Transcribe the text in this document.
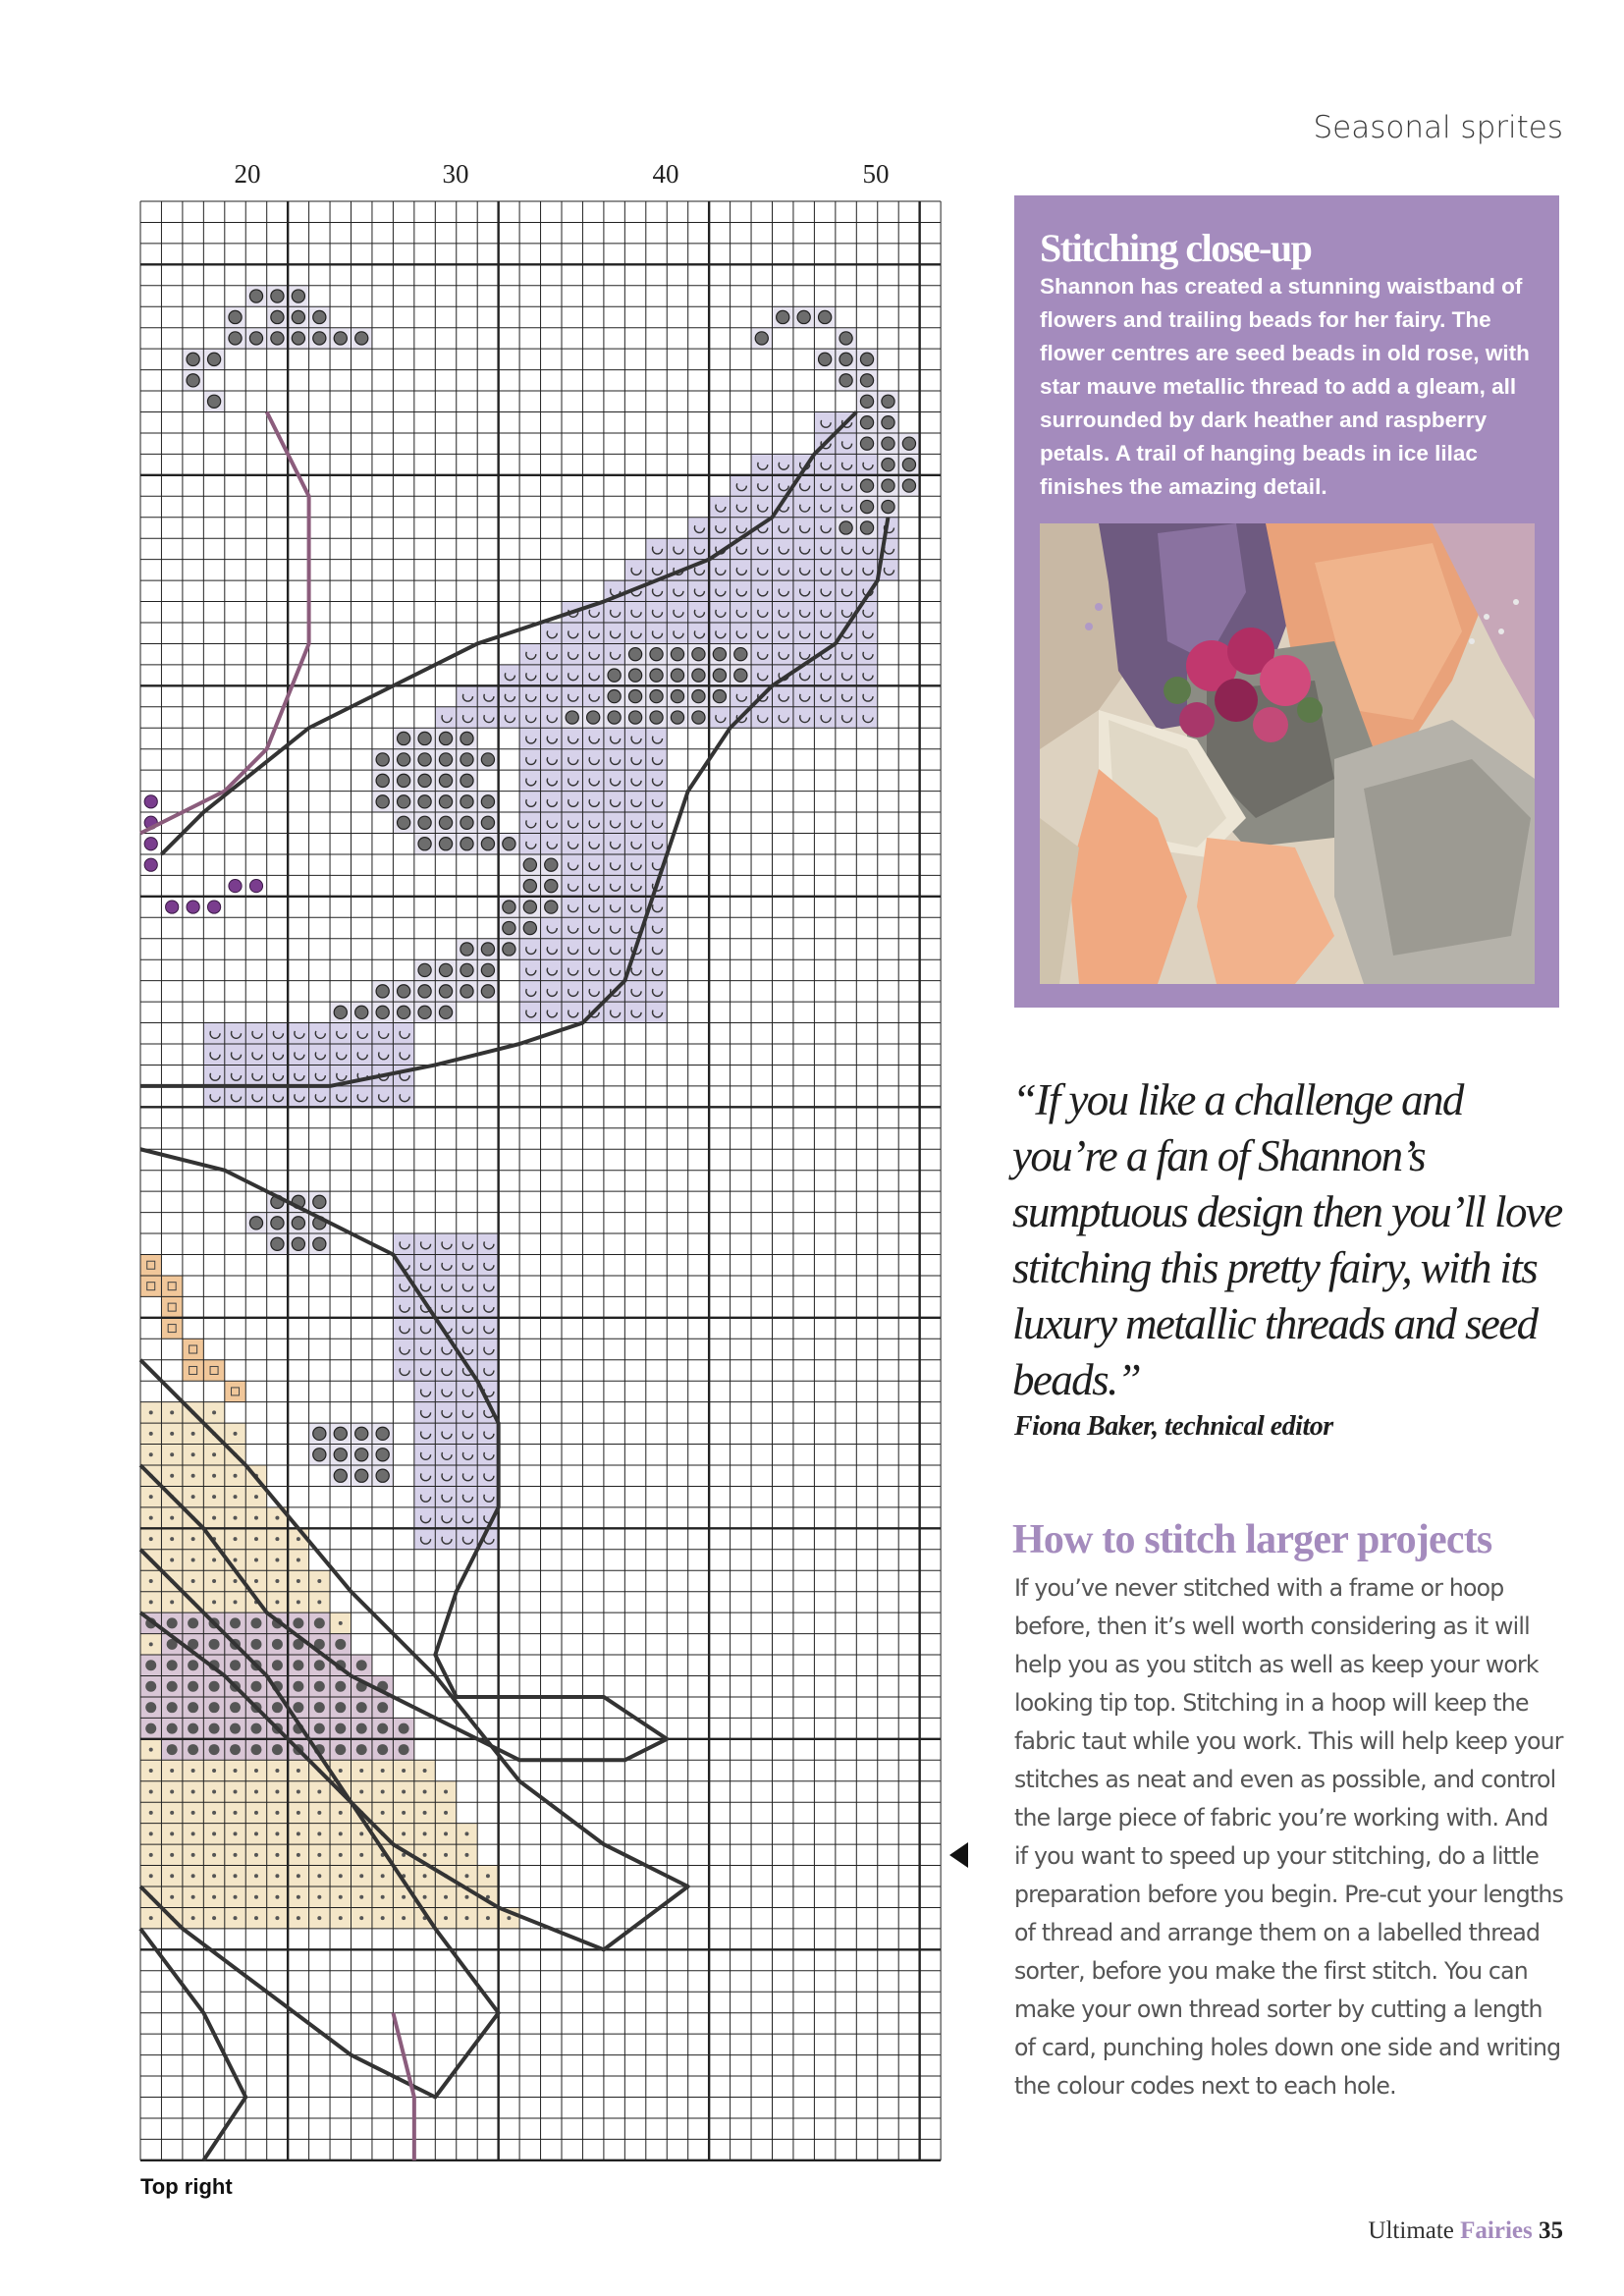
Seasonal sprites
20	30	40	50
Top right
Stitching close-up
Shannon has created a stunning waistband of flowers and trailing beads for her fairy. The flower centres are seed beads in old rose, with star mauve metallic thread to add a gleam, all surrounded by dark heather and raspberry petals. A trail of hanging beads in ice lilac finishes the amazing detail.
“If you like a challenge and you’re a fan of Shannon’s sumptuous design then you’ll love stitching this pretty fairy, with its luxury metallic threads and seed beads.”
Fiona Baker, technical editor
How to stitch larger projects
If you’ve never stitched with a frame or hoop before, then it’s well worth considering as it will help you as you stitch as well as keep your work looking tip top. Stitching in a hoop will keep the fabric taut while you work. This will help keep your stitches as neat and even as possible, and control the large piece of fabric you’re working with. And if you want to speed up your stitching, do a little preparation before you begin. Pre-cut your lengths of thread and arrange them on a labelled thread sorter, before you make the first stitch. You can make your own thread sorter by cutting a length of card, punching holes down one side and writing the colour codes next to each hole.
Ultimate Fairies 35
